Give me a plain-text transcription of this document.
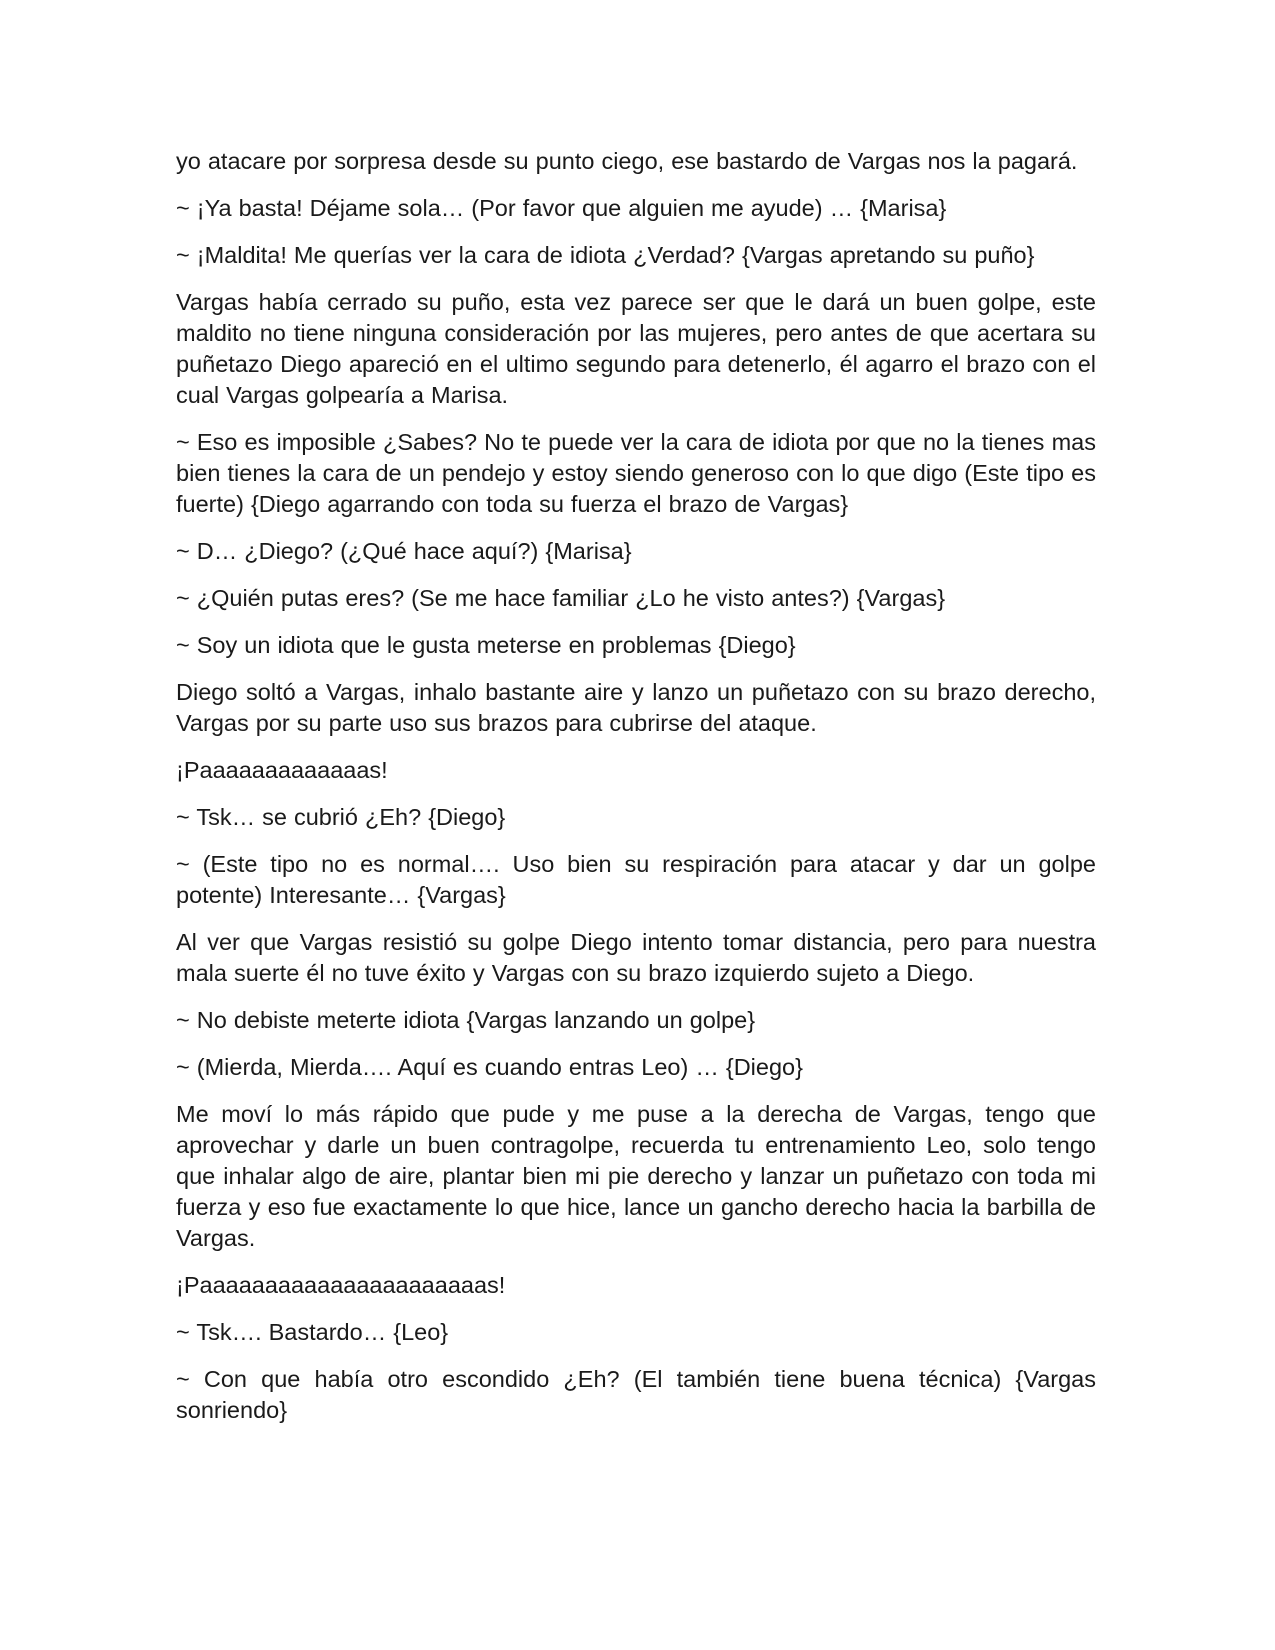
yo atacare por sorpresa desde su punto ciego, ese bastardo de Vargas nos la pagará.

~ ¡Ya basta! Déjame sola… (Por favor que alguien me ayude) … {Marisa}

~ ¡Maldita! Me querías ver la cara de idiota ¿Verdad? {Vargas apretando su puño}

Vargas había cerrado su puño, esta vez parece ser que le dará un buen golpe, este maldito no tiene ninguna consideración por las mujeres, pero antes de que acertara su puñetazo Diego apareció en el ultimo segundo para detenerlo, él agarro el brazo con el cual Vargas golpearía a Marisa.

~ Eso es imposible ¿Sabes? No te puede ver la cara de idiota por que no la tienes mas bien tienes la cara de un pendejo y estoy siendo generoso con lo que digo (Este tipo es fuerte) {Diego agarrando con toda su fuerza el brazo de Vargas}

~ D… ¿Diego? (¿Qué hace aquí?) {Marisa}

~ ¿Quién putas eres? (Se me hace familiar ¿Lo he visto antes?) {Vargas}

~ Soy un idiota que le gusta meterse en problemas {Diego}

Diego soltó a Vargas, inhalo bastante aire y lanzo un puñetazo con su brazo derecho, Vargas por su parte uso sus brazos para cubrirse del ataque.

¡Paaaaaaaaaaaaas!

~ Tsk… se cubrió ¿Eh? {Diego}

~ (Este tipo no es normal…. Uso bien su respiración para atacar y dar un golpe potente) Interesante… {Vargas}

Al ver que Vargas resistió su golpe Diego intento tomar distancia, pero para nuestra mala suerte él no tuve éxito y Vargas con su brazo izquierdo sujeto a Diego.

~ No debiste meterte idiota {Vargas lanzando un golpe}

~ (Mierda, Mierda…. Aquí es cuando entras Leo) … {Diego}

Me moví lo más rápido que pude y me puse a la derecha de Vargas, tengo que aprovechar y darle un buen contragolpe, recuerda tu entrenamiento Leo, solo tengo que inhalar algo de aire, plantar bien mi pie derecho y lanzar un puñetazo con toda mi fuerza y eso fue exactamente lo que hice, lance un gancho derecho hacia la barbilla de Vargas.

¡Paaaaaaaaaaaaaaaaaaaaaas!

~ Tsk…. Bastardo… {Leo}

~ Con que había otro escondido ¿Eh? (El también tiene buena técnica) {Vargas sonriendo}
